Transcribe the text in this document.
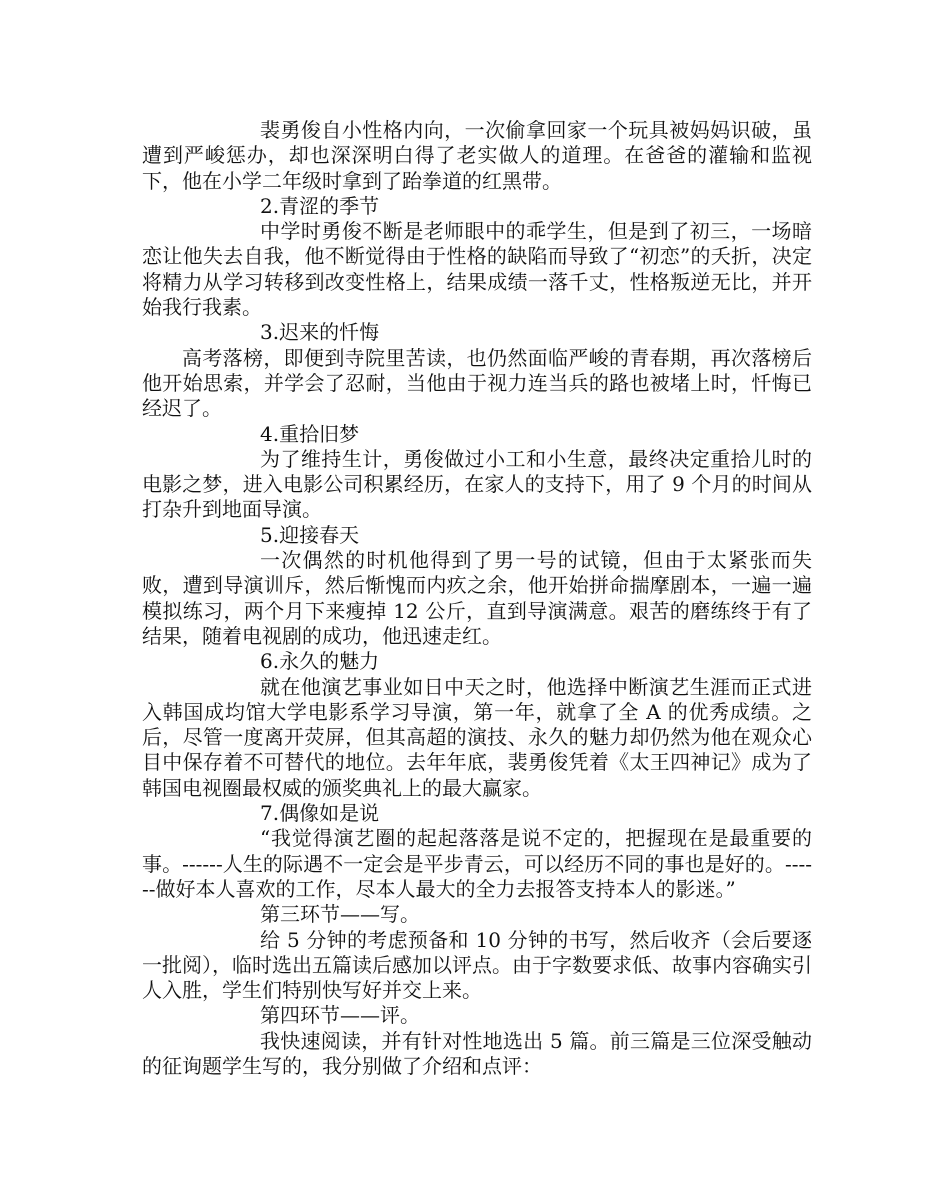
裴勇俊自小性格内向，一次偷拿回家一个玩具被妈妈识破，虽遭到严峻惩办，却也深深明白得了老实做人的道理。在爸爸的灌输和监视下，他在小学二年级时拿到了跆拳道的红黑带。

2.青涩的季节

中学时勇俊不断是老师眼中的乖学生，但是到了初三，一场暗恋让他失去自我，他不断觉得由于性格的缺陷而导致了“初恋”的夭折，决定将精力从学习转移到改变性格上，结果成绩一落千丈，性格叛逆无比，并开始我行我素。

3.迟来的忏悔

高考落榜，即便到寺院里苦读，也仍然面临严峻的青春期，再次落榜后他开始思索，并学会了忍耐，当他由于视力连当兵的路也被堵上时，忏悔已经迟了。

4.重拾旧梦

为了维持生计，勇俊做过小工和小生意，最终决定重拾儿时的电影之梦，进入电影公司积累经历，在家人的支持下，用了 9 个月的时间从打杂升到地面导演。

5.迎接春天

一次偶然的时机他得到了男一号的试镜，但由于太紧张而失败，遭到导演训斥，然后惭愧而内疚之余，他开始拼命揣摩剧本，一遍一遍模拟练习，两个月下来瘦掉 12 公斤，直到导演满意。艰苦的磨练终于有了结果，随着电视剧的成功，他迅速走红。

6.永久的魅力

就在他演艺事业如日中天之时，他选择中断演艺生涯而正式进入韩国成均馆大学电影系学习导演，第一年，就拿了全 A 的优秀成绩。之后，尽管一度离开荧屏，但其高超的演技、永久的魅力却仍然为他在观众心目中保存着不可替代的地位。去年年底，裴勇俊凭着《太王四神记》成为了韩国电视圈最权威的颁奖典礼上的最大赢家。

7.偶像如是说

“我觉得演艺圈的起起落落是说不定的，把握现在是最重要的事。------人生的际遇不一定会是平步青云，可以经历不同的事也是好的。------做好本人喜欢的工作，尽本人最大的全力去报答支持本人的影迷。”

第三环节——写。

给 5 分钟的考虑预备和 10 分钟的书写，然后收齐（会后要逐一批阅），临时选出五篇读后感加以评点。由于字数要求低、故事内容确实引人入胜，学生们特别快写好并交上来。

第四环节——评。

我快速阅读，并有针对性地选出 5 篇。前三篇是三位深受触动的征询题学生写的，我分别做了介绍和点评：
